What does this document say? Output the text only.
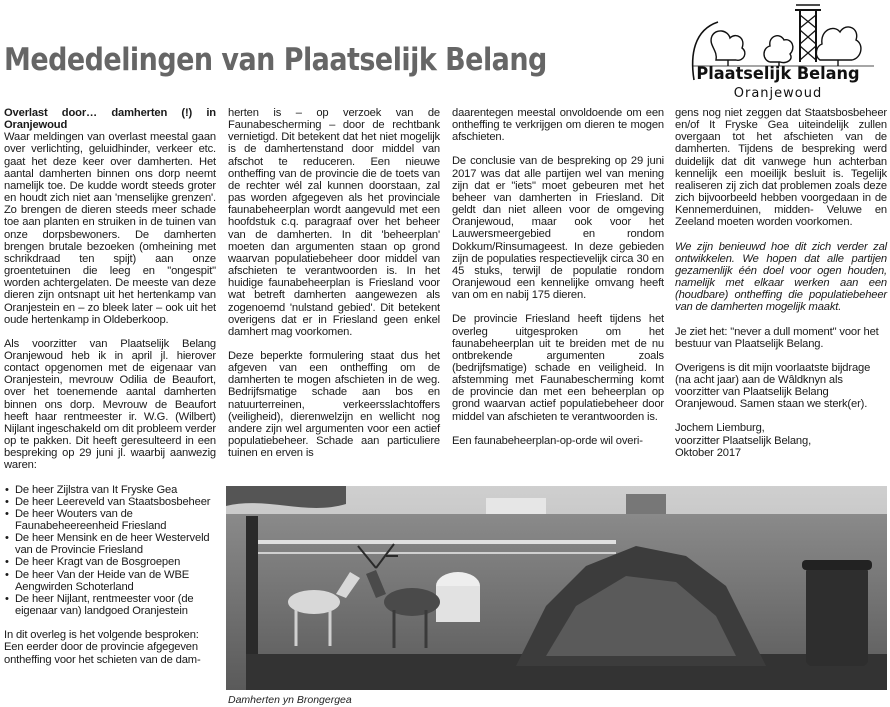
Mededelingen van Plaatselijk Belang	Plaatselijk Belang
Oranjewoud

Overlast door… damherten (!) in Oranjewoud

Waar meldingen van overlast meestal gaan over verlichting, geluidhinder, verkeer etc. gaat het deze keer over damherten. Het aantal damherten binnen ons dorp neemt namelijk toe. De kudde wordt steeds groter en houdt zich niet aan 'menselijke grenzen'. Zo brengen de dieren steeds meer schade toe aan planten en struiken in de tuinen van onze dorpsbewoners. De damherten brengen brutale bezoeken (omheining met schrikdraad ten spijt) aan onze groentetuinen die leeg en "ongespit" worden achtergelaten. De meeste van deze dieren zijn ontsnapt uit het hertenkamp van Oranjestein en – zo bleek later – ook uit het oude hertenkamp in Oldeberkoop.

Als voorzitter van Plaatselijk Belang Oranjewoud heb ik in april jl. hierover contact opgenomen met de eigenaar van Oranjestein, mevrouw Odilia de Beaufort, over het toenemende aantal damherten binnen ons dorp. Mevrouw de Beaufort heeft haar rentmeester ir. W.G. (Wilbert) Nijlant ingeschakeld om dit probleem verder op te pakken. Dit heeft geresulteerd in een bespreking op 29 juni jl. waarbij aanwezig waren:

• De heer Zijlstra van It Fryske Gea
• De heer Leereveld van Staatsbosbeheer
• De heer Wouters van de Faunabeheereenheid Friesland
• De heer Mensink en de heer Westerveld van de Provincie Friesland
• De heer Kragt van de Bosgroepen
• De heer Van der Heide van de WBE Aengwirden Schoterland
• De heer Nijlant, rentmeester voor (de eigenaar van) landgoed Oranjestein

In dit overleg is het volgende besproken: Een eerder door de provincie afgegeven ontheffing voor het schieten van de dam-

herten is – op verzoek van de Faunabescherming – door de rechtbank vernietigd. Dit betekent dat het niet mogelijk is de damhertenstand door middel van afschot te reduceren. Een nieuwe ontheffing van de provincie die de toets van de rechter wél zal kunnen doorstaan, zal pas worden afgegeven als het provinciale faunabeheerplan wordt aangevuld met een hoofdstuk c.q. paragraaf over het beheer van de damherten. In dit 'beheerplan' moeten dan argumenten staan op grond waarvan populatiebeheer door middel van afschieten te verantwoorden is. In het huidige faunabeheerplan is Friesland voor wat betreft damherten aangewezen als zogenoemd 'nulstand gebied'. Dit betekent overigens dat er in Friesland geen enkel damhert mag voorkomen.

Deze beperkte formulering staat dus het afgeven van een ontheffing om de damherten te mogen afschieten in de weg. Bedrijfsmatige schade aan bos en natuurterreinen, verkeersslachtoffers (veiligheid), dierenwelzijn en wellicht nog andere zijn wel argumenten voor een actief populatiebeheer. Schade aan particuliere tuinen en erven is

daarentegen meestal onvoldoende om een ontheffing te verkrijgen om dieren te mogen afschieten.

De conclusie van de bespreking op 29 juni 2017 was dat alle partijen wel van mening zijn dat er "iets" moet gebeuren met het beheer van damherten in Friesland. Dit geldt dan niet alleen voor de omgeving Oranjewoud, maar ook voor het Lauwersmeergebied en rondom Dokkum/Rinsumageest. In deze gebieden zijn de populaties respectievelijk circa 30 en 45 stuks, terwijl de populatie rondom Oranjewoud een kennelijke omvang heeft van om en nabij 175 dieren.

De provincie Friesland heeft tijdens het overleg uitgesproken om het faunabeheerplan uit te breiden met de nu ontbrekende argumenten zoals (bedrijfsmatige) schade en veiligheid. In afstemming met Faunabescherming komt de provincie dan met een beheerplan op grond waarvan actief populatiebeheer door middel van afschieten te verantwoorden is.

Een faunabeheerplan-op-orde wil overi-

gens nog niet zeggen dat Staatsbosbeheer en/of It Fryske Gea uiteindelijk zullen overgaan tot het afschieten van de damherten. Tijdens de bespreking werd duidelijk dat dit vanwege hun achterban kennelijk een moeilijk besluit is. Tegelijk realiseren zij zich dat problemen zoals deze zich bijvoorbeeld hebben voorgedaan in de Kennemerduinen, midden- Veluwe en Zeeland moeten worden voorkomen.

We zijn benieuwd hoe dit zich verder zal ontwikkelen. We hopen dat alle partijen gezamenlijk één doel voor ogen houden, namelijk met elkaar werken aan een (houdbare) ontheffing die populatiebeheer van de damherten mogelijk maakt.

Je ziet het: "never a dull moment" voor het bestuur van Plaatselijk Belang.

Overigens is dit mijn voorlaatste bijdrage (na acht jaar) aan de Wâldknyn als voorzitter van Plaatselijk Belang Oranjewoud. Samen staan we sterk(er).

Jochem Liemburg,
voorzitter Plaatselijk Belang,
Oktober 2017
Damherten yn Brongergea
